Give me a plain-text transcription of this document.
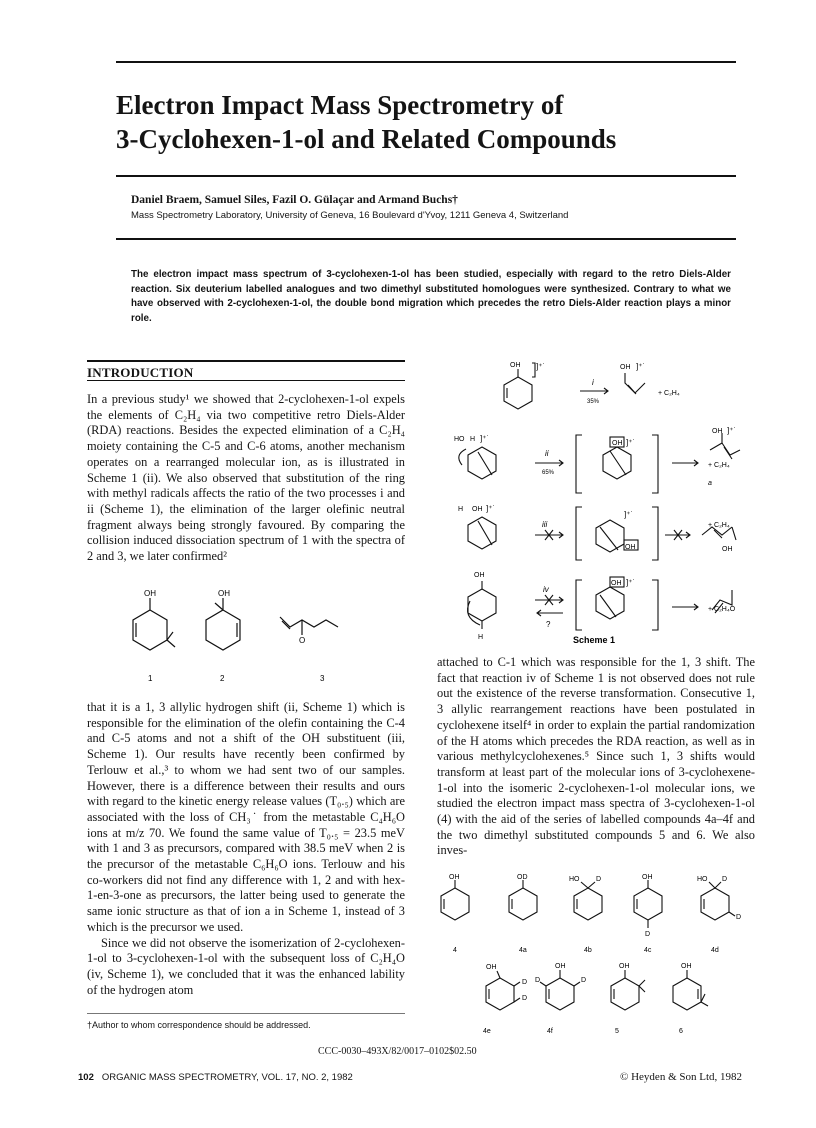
Electron Impact Mass Spectrometry of
3-Cyclohexen-1-ol and Related Compounds
Daniel Braem, Samuel Siles, Fazil O. Gülaçar and Armand Buchs†
Mass Spectrometry Laboratory, University of Geneva, 16 Boulevard d'Yvoy, 1211 Geneva 4, Switzerland
The electron impact mass spectrum of 3-cyclohexen-1-ol has been studied, especially with regard to the retro Diels-Alder reaction. Six deuterium labelled analogues and two dimethyl substituted homologues were synthesized. Contrary to what we have observed with 2-cyclohexen-1-ol, the double bond migration which precedes the retro Diels-Alder reaction plays a minor role.
INTRODUCTION

In a previous study¹ we showed that 2-cyclohexen-1-ol expels the elements of C₂H₄ via two competitive retro Diels-Alder (RDA) reactions. Besides the expected elimination of a C₂H₄ moiety containing the C-5 and C-6 atoms, another mechanism operates on a rearranged molecular ion, as is illustrated in Scheme 1 (ii). We also observed that substitution of the ring with methyl radicals affects the ratio of the two processes i and ii (Scheme 1), the elimination of the larger olefinic neutral fragment always being strongly favoured. By comparing the collision induced dissociation spectrum of 1 with the spectra of 2 and 3, we later confirmed²

OH	OH
O
1	2	3

that it is a 1, 3 allylic hydrogen shift (ii, Scheme 1) which is responsible for the elimination of the olefin containing the C-4 and C-5 atoms and not a shift of the OH substituent (iii, Scheme 1). Our results have recently been confirmed by Terlouw et al.,³ to whom we had sent two of our samples. However, there is a difference between their results and ours with regard to the kinetic energy release values (T₀.₅) which are associated with the loss of CH₃˙ from the metastable C₄H₆O ions at m/z 70. We found the same value of T₀.₅ = 23.5 meV with 1 and 3 as precursors, compared with 38.5 meV when 2 is the precursor of the metastable C₆H₆O ions. Terlouw and his co-workers did not find any difference with 1, 2 and with hex-1-en-3-one as precursors, the latter being used to generate the same ionic structure as that of ion a in Scheme 1, instead of 3 which is the precursor we used.

Since we did not observe the isomerization of 2-cyclohexen-1-ol to 3-cyclohexen-1-ol with the subsequent loss of C₂H₄O (iv, Scheme 1), we concluded that it was the enhanced lability of the hydrogen atom

OH ]⁺˙
i
35%
OH ]⁺˙
+ C₂H₄
HO H ]⁺˙
ii
65%
OH ]⁺˙
OH ]⁺˙
+ C₂H₄
a
H OH ]⁺˙
iii
]⁺˙
OH
+ C₂H₄
OH
OH
H
iv
?
OH ]⁺˙
+ C₂H₄O
Scheme 1

attached to C-1 which was responsible for the 1, 3 shift. The fact that reaction iv of Scheme 1 is not observed does not rule out the existence of the reverse transformation. Consecutive 1, 3 allylic rearrangement reactions have been postulated in cyclohexene itself⁴ in order to explain the partial randomization of the H atoms which precedes the RDA reaction, as well as in various methylcyclohexenes.⁵ Since such 1, 3 shifts would transform at least part of the molecular ions of 3-cyclohexene-1-ol into the isomeric 2-cyclohexen-1-ol molecular ions, we studied the electron impact mass spectra of 3-cyclohexen-1-ol (4) with the aid of the series of labelled compounds 4a–4f and the two dimethyl substituted compounds 5 and 6. We also inves-

OH	OD	HO D	OH
D
HO D
D
4	4a	4b	4c	4d
OH
D
D
OH
D
D
OH	OH
4e	4f	5	6
†Author to whom correspondence should be addressed.
CCC-0030–493X/82/0017–0102$02.50
102 ORGANIC MASS SPECTROMETRY, VOL. 17, NO. 2, 1982	© Heyden & Son Ltd, 1982
